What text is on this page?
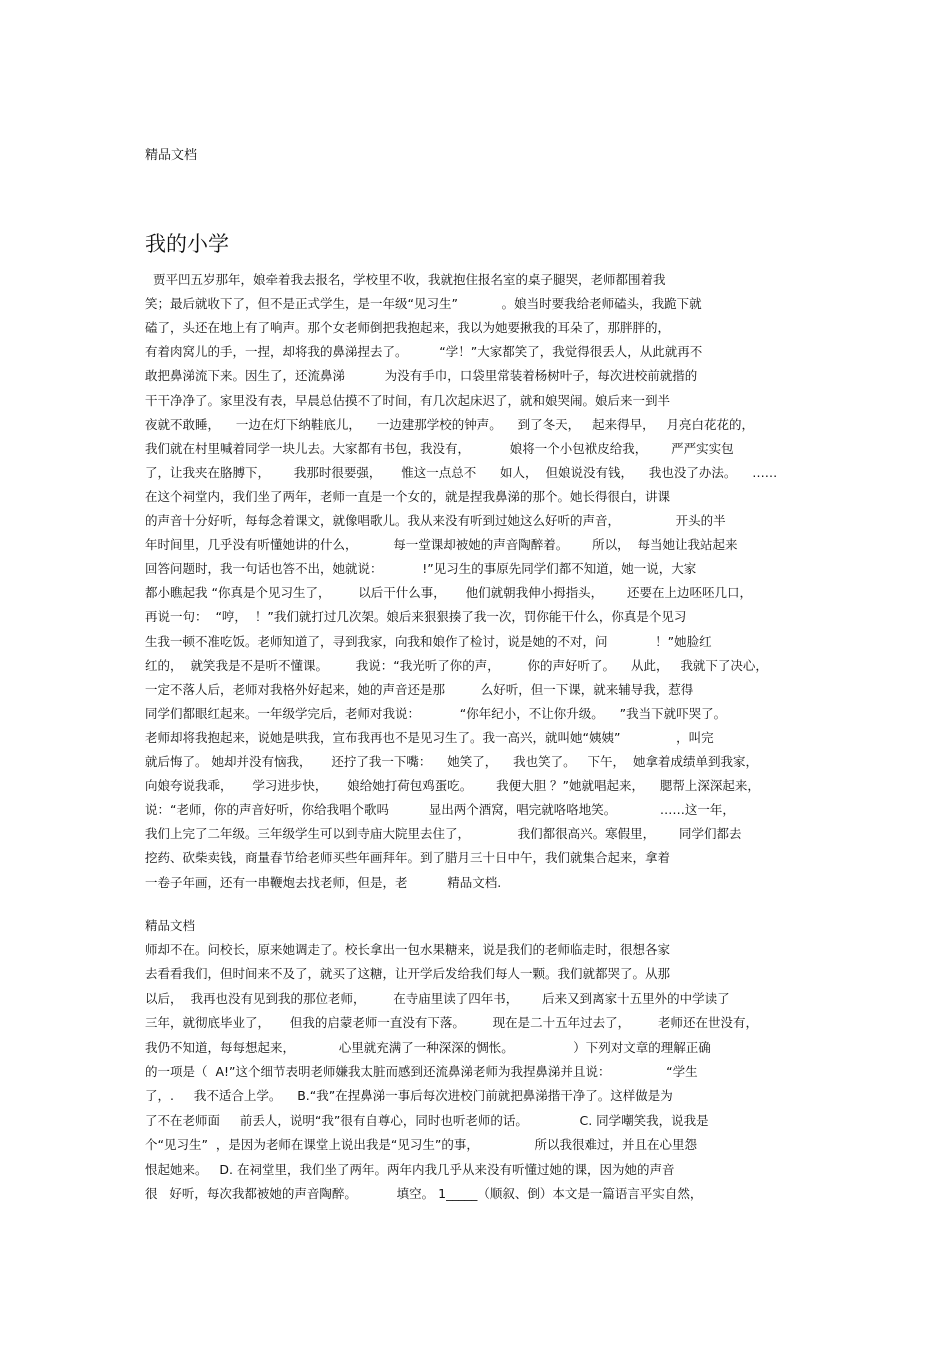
精品文档
我的小学
贾平凹五岁那年，娘牵着我去报名，学校里不收，我就抱住报名室的桌子腿哭，老师都围着我
笑；最后就收下了，但不是正式学生，是一年级“见习生”           。娘当时要我给老师磕头，我跪下就
磕了，头还在地上有了响声。那个女老师倒把我抱起来，我以为她要揪我的耳朵了，那胖胖的，
有着肉窝儿的手，一捏，却将我的鼻涕捏去了。        “学！”大家都笑了，我觉得很丢人，从此就再不
敢把鼻涕流下来。因生了，还流鼻涕          为没有手巾，口袋里常装着杨树叶子，每次进校前就揩的
干干净净了。家里没有表，早晨总估摸不了时间，有几次起床迟了，就和娘哭闹。娘后来一到半
夜就不敢睡，    一边在灯下纳鞋底儿，    一边建那学校的钟声。    到了冬天，   起来得早，   月亮白花花的，
我们就在村里喊着同学一块儿去。大家都有书包，我没有，          娘将一个小包袱皮给我，      严严实实包
了，让我夹在胳膊下，      我那时很要强，     惟这一点总不      如人，  但娘说没有钱，    我也没了办法。    ……
在这个祠堂内，我们坐了两年，老师一直是一个女的，就是捏我鼻涕的那个。她长得很白，讲课
的声音十分好听，每每念着课文，就像唱歌儿。我从来没有听到过她这么好听的声音，              开头的半
年时间里，几乎没有听懂她讲的什么，         每一堂课却被她的声音陶醉着。      所以，  每当她让我站起来
回答问题时，我一句话也答不出，她就说：          !”见习生的事原先同学们都不知道，她一说，大家
都小瞧起我 “你真是个见习生了，       以后干什么事，     他们就朝我伸小拇指头，      还要在上边呸呸几口，
再说一句：  “哼，  ！”我们就打过几次架。娘后来狠狠揍了我一次，罚你能干什么，你真是个见习
生我一顿不准吃饭。老师知道了，寻到我家，向我和娘作了检讨，说是她的不对，问            ！”她脸红
红的，  就笑我是不是听不懂课。       我说：“我光听了你的声，       你的声好听了。    从此，   我就下了决心，
一定不落人后，老师对我格外好起来，她的声音还是那         么好听，但一下课，就来辅导我，惹得
同学们都眼红起来。一年级学完后，老师对我说：          “你年纪小，不让你升级。    ”我当下就吓哭了。
老师却将我抱起来，说她是哄我，宣布我再也不是见习生了。我一高兴，就叫她“姨姨”              ，叫完
就后悔了。 她却并没有恼我，     还拧了我一下嘴：    她笑了，    我也笑了。   下午，  她拿着成绩单到我家，
向娘夸说我乖，     学习进步快，     娘给她打荷包鸡蛋吃。      我便大胆 ？”她就唱起来，    腮帮上深深起来，
说：“老师，你的声音好听，你给我唱个歌吗          显出两个酒窝，唱完就咯咯地笑。           ……这一年，
我们上完了二年级。三年级学生可以到寺庙大院里去住了，            我们都很高兴。寒假里，      同学们都去
挖药、砍柴卖钱，商量春节给老师买些年画拜年。到了腊月三十日中午，我们就集合起来，拿着
一卷子年画，还有一串鞭炮去找老师，但是，老          精品文档.
精品文档
师却不在。问校长，原来她调走了。校长拿出一包水果糖来，说是我们的老师临走时，很想各家
去看看我们，但时间来不及了，就买了这糖，让开学后发给我们每人一颗。我们就都哭了。从那
以后，  我再也没有见到我的那位老师，       在寺庙里读了四年书，      后来又到离家十五里外的中学读了
三年，就彻底毕业了，     但我的启蒙老师一直没有下落。       现在是二十五年过去了，       老师还在世没有，
我仍不知道，每每想起来，           心里就充满了一种深深的惆怅。               ）下列对文章的理解正确
的一项是（  A!”这个细节表明老师嫌我太脏而感到还流鼻涕老师为我捏鼻涕并且说：              “学生
了，.     我不适合上学。    B.“我”在捏鼻涕一事后每次进校门前就把鼻涕揩干净了。这样做是为
了不在老师面     前丢人，说明“我”很有自尊心，同时也听老师的话。             C. 同学嘲笑我，说我是
个“见习生”  ，是因为老师在课堂上说出我是“见习生”的事，              所以我很难过，并且在心里怨
恨起她来。   D. 在祠堂里，我们坐了两年。两年内我几乎从来没有听懂过她的课，因为她的声音
很   好听，每次我都被她的声音陶醉。          填空。 1_____（顺叙、倒）本文是一篇语言平实自然，
